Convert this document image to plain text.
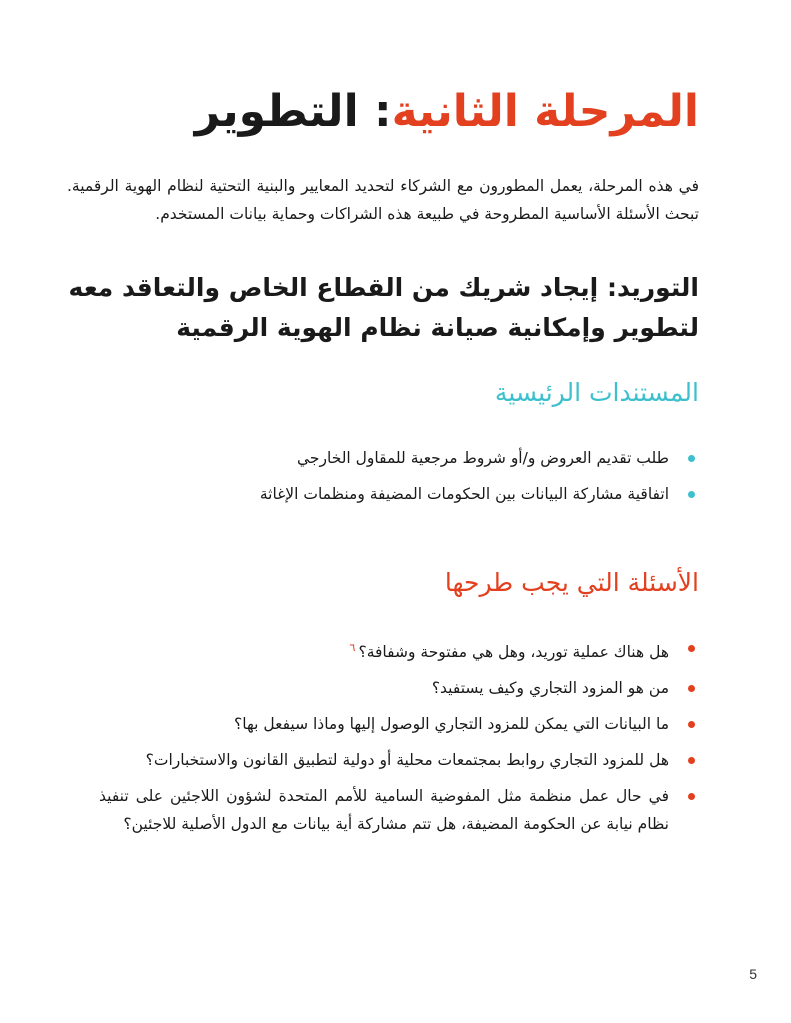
المرحلة الثانية: التطوير

في هذه المرحلة، يعمل المطورون مع الشركاء لتحديد المعايير والبنية التحتية لنظام الهوية الرقمية. تبحث الأسئلة الأساسية المطروحة في طبيعة هذه الشراكات وحماية بيانات المستخدم.

التوريد: إيجاد شريك من القطاع الخاص والتعاقد معه لتطوير وإمكانية صيانة نظام الهوية الرقمية
المستندات الرئيسية
طلب تقديم العروض و/أو شروط مرجعية للمقاول الخارجي
اتفاقية مشاركة البيانات بين الحكومات المضيفة ومنظمات الإغاثة
الأسئلة التي يجب طرحها
هل هناك عملية توريد، وهل هي مفتوحة وشفافة؟$^٦$
من هو المزود التجاري وكيف يستفيد؟
ما البيانات التي يمكن للمزود التجاري الوصول إليها وماذا سيفعل بها؟
هل للمزود التجاري روابط بمجتمعات محلية أو دولية لتطبيق القانون والاستخبارات؟
في حال عمل منظمة مثل المفوضية السامية للأمم المتحدة لشؤون اللاجئين على تنفيذ نظام نيابة عن الحكومة المضيفة، هل تتم مشاركة أية بيانات مع الدول الأصلية للاجئين؟
5
